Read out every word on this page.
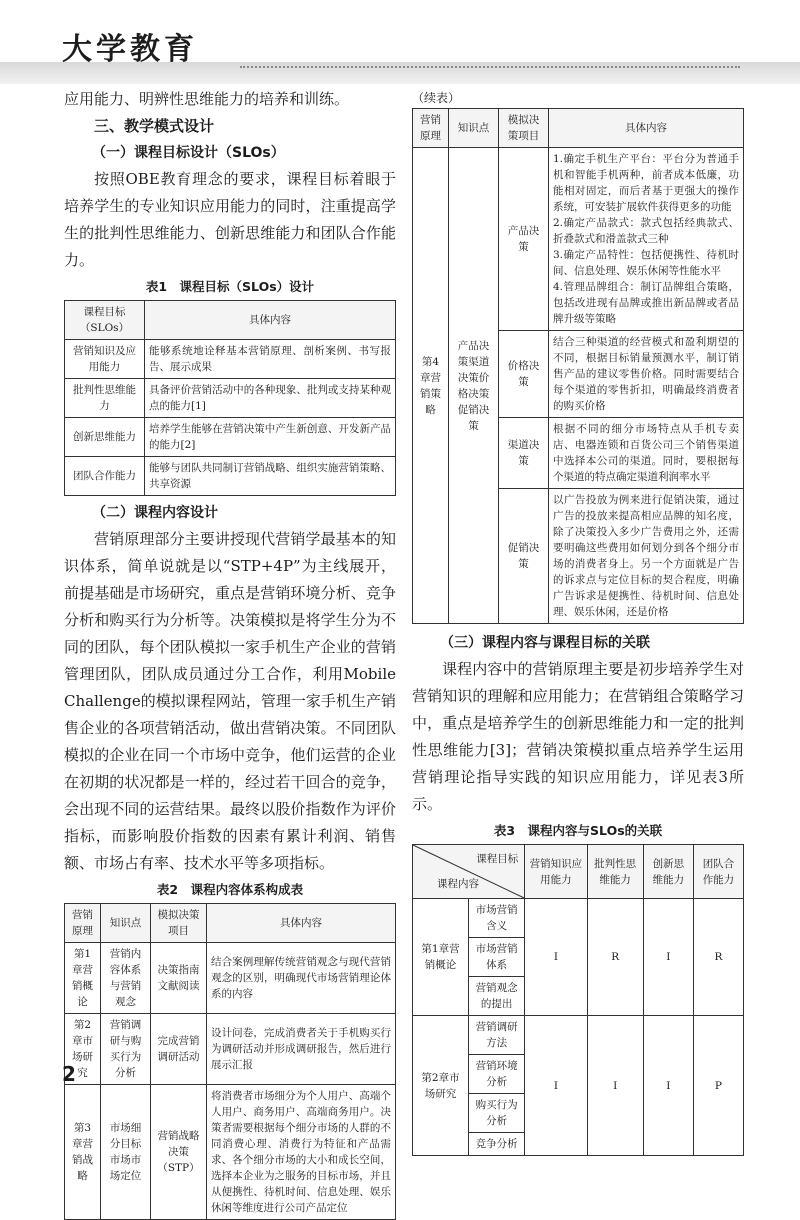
大学教育

应用能力、明辨性思维能力的培养和训练。

三、教学模式设计
（一）课程目标设计（SLOs）

按照OBE教育理念的要求，课程目标着眼于培养学生的专业知识应用能力的同时，注重提高学生的批判性思维能力、创新思维能力和团队合作能力。

表1　课程目标（SLOs）设计
课程目标（SLOs）	具体内容
营销知识及应用能力	能够系统地诠释基本营销原理、剖析案例、书写报告、展示成果
批判性思维能力	具备评价营销活动中的各种现象、批判或支持某种观点的能力[1]
创新思维能力	培养学生能够在营销决策中产生新创意、开发新产品的能力[2]
团队合作能力	能够与团队共同制订营销战略、组织实施营销策略、共享资源
（二）课程内容设计

营销原理部分主要讲授现代营销学最基本的知识体系，简单说就是以“STP+4P”为主线展开，前提基础是市场研究，重点是营销环境分析、竞争分析和购买行为分析等。决策模拟是将学生分为不同的团队，每个团队模拟一家手机生产企业的营销管理团队，团队成员通过分工合作，利用Mobile Challenge的模拟课程网站，管理一家手机生产销售企业的各项营销活动，做出营销决策。不同团队模拟的企业在同一个市场中竞争，他们运营的企业在初期的状况都是一样的，经过若干回合的竞争，会出现不同的运营结果。最终以股价指数作为评价指标，而影响股价指数的因素有累计利润、销售额、市场占有率、技术水平等多项指标。

表2　课程内容体系构成表
营销原理	知识点	模拟决策项目	具体内容
第1章营销概论	营销内容体系与营销观念	决策指南文献阅读	结合案例理解传统营销观念与现代营销观念的区别，明确现代市场营销理论体系的内容
第2章市场研究	营销调研与购买行为分析	完成营销调研活动	设计问卷，完成消费者关于手机购买行为调研活动并形成调研报告，然后进行展示汇报
第3章营销战略	市场细分目标市场市场定位	营销战略决策（STP）	将消费者市场细分为个人用户、高端个人用户、商务用户、高端商务用户。决策者需要根据每个细分市场的人群的不同消费心理、消费行为特征和产品需求、各个细分市场的大小和成长空间，选择本企业为之服务的目标市场，并且从便携性、待机时间、信息处理、娱乐休闲等维度进行公司产品定位
（续表）
营销原理	知识点	模拟决策项目	具体内容
第4章营销策略	产品决策渠道决策价格决策促销决策	产品决策	1.确定手机生产平台：平台分为普通手机和智能手机两种，前者成本低廉，功能相对固定，而后者基于更强大的操作系统，可安装扩展软件获得更多的功能
2.确定产品款式：款式包括经典款式、折叠款式和滑盖款式三种
3.确定产品特性：包括便携性、待机时间、信息处理、娱乐休闲等性能水平
4.管理品牌组合：制订品牌组合策略，包括改进现有品牌或推出新品牌或者品牌升级等策略
		价格决策	结合三种渠道的经营模式和盈利期望的不同，根据目标销量预测水平，制订销售产品的建议零售价格。同时需要结合每个渠道的零售折扣，明确最终消费者的购买价格
		渠道决策	根据不同的细分市场特点从手机专卖店、电器连锁和百货公司三个销售渠道中选择本公司的渠道。同时，要根据每个渠道的特点确定渠道利润率水平
		促销决策	以广告投放为例来进行促销决策，通过广告的投放来提高相应品牌的知名度，除了决策投入多少广告费用之外，还需要明确这些费用如何划分到各个细分市场的消费者身上。另一个方面就是广告的诉求点与定位目标的契合程度，明确广告诉求是便携性、待机时间、信息处理、娱乐休闲，还是价格
（三）课程内容与课程目标的关联

课程内容中的营销原理主要是初步培养学生对营销知识的理解和应用能力；在营销组合策略学习中，重点是培养学生的创新思维能力和一定的批判性思维能力[3]；营销决策模拟重点培养学生运用营销理论指导实践的知识应用能力，详见表3所示。

表3　课程内容与SLOs的关联
课程目标
课程内容		营销知识应用能力	批判性思维能力	创新思维能力	团队合作能力
第1章营销概论	市场营销含义	I	R	I	R
	市场营销体系				
	营销观念的提出				
第2章市场研究	营销调研方法	I	I	I	P
	营销环境分析				
	购买行为分析				
	竞争分析				
2
